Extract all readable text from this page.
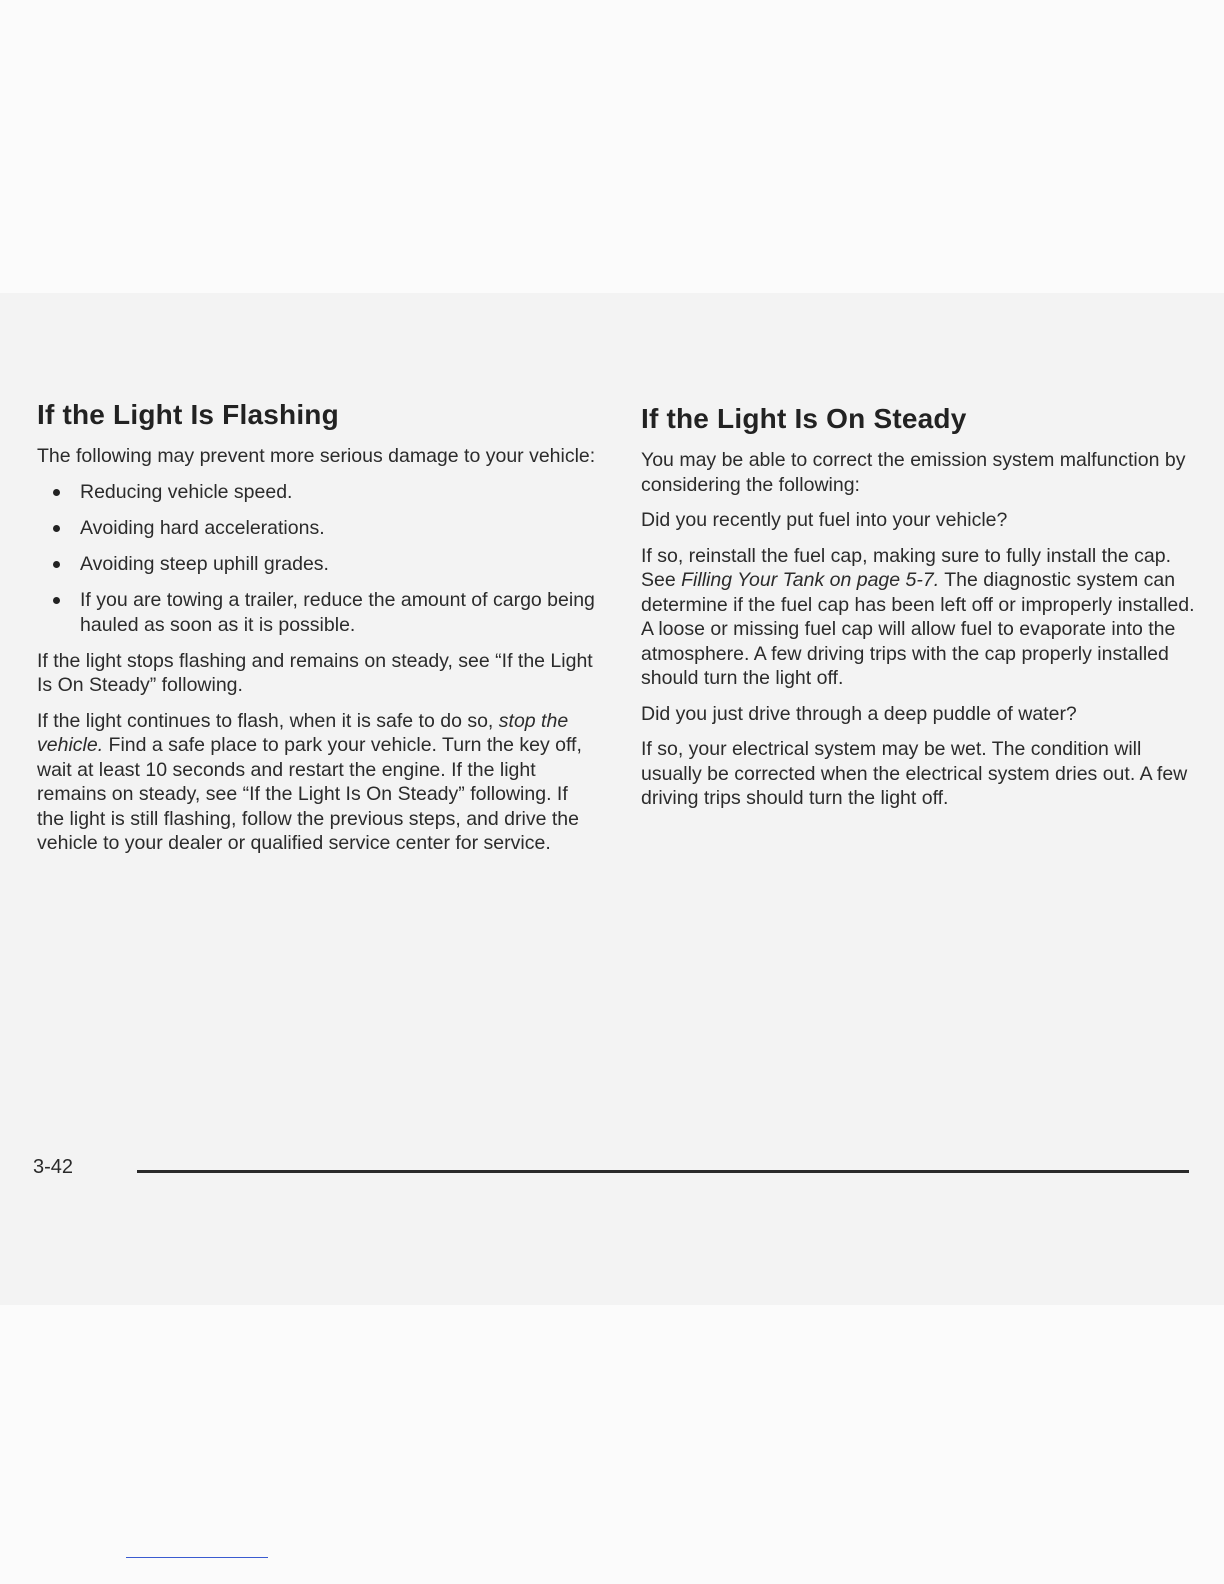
If the Light Is Flashing

The following may prevent more serious damage to your vehicle:

Reducing vehicle speed.
Avoiding hard accelerations.
Avoiding steep uphill grades.
If you are towing a trailer, reduce the amount of cargo being hauled as soon as it is possible.

If the light stops flashing and remains on steady, see “If the Light Is On Steady” following.

If the light continues to flash, when it is safe to do so, stop the vehicle. Find a safe place to park your vehicle. Turn the key off, wait at least 10 seconds and restart the engine. If the light remains on steady, see “If the Light Is On Steady” following. If the light is still flashing, follow the previous steps, and drive the vehicle to your dealer or qualified service center for service.

If the Light Is On Steady

You may be able to correct the emission system malfunction by considering the following:

Did you recently put fuel into your vehicle?

If so, reinstall the fuel cap, making sure to fully install the cap. See Filling Your Tank on page 5-7. The diagnostic system can determine if the fuel cap has been left off or improperly installed. A loose or missing fuel cap will allow fuel to evaporate into the atmosphere. A few driving trips with the cap properly installed should turn the light off.

Did you just drive through a deep puddle of water?

If so, your electrical system may be wet. The condition will usually be corrected when the electrical system dries out. A few driving trips should turn the light off.

3-42
